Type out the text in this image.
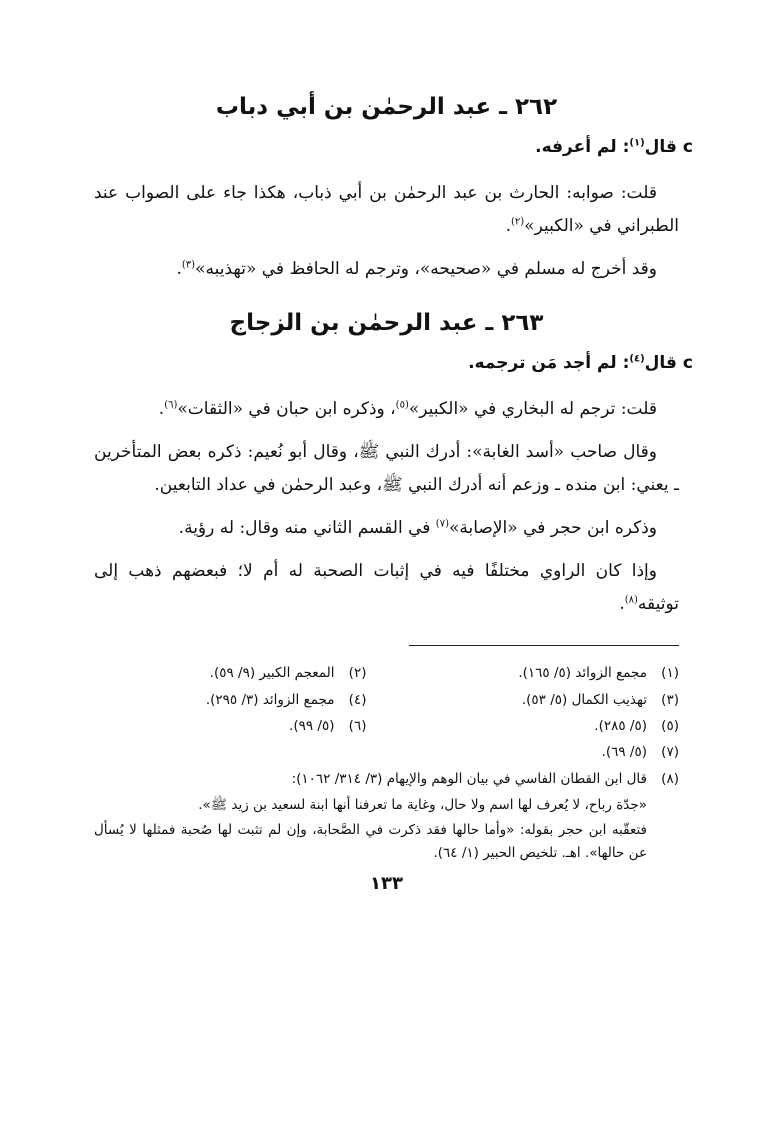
٢٦٢ ـ عبد الرحمٰن بن أبي دباب
cقال$^{(١)}$: لم أعرفه.

قلت: صوابه: الحارث بن عبد الرحمٰن بن أبي ذباب، هكذا جاء على الصواب عند الطبراني في «الكبير»$^{(٢)}$.

وقد أخرج له مسلم في «صحيحه»، وترجم له الحافظ في «تهذيبه»$^{(٣)}$.

٢٦٣ ـ عبد الرحمٰن بن الزجاج
cقال$^{(٤)}$: لم أجد مَن ترجمه.

قلت: ترجم له البخاري في «الكبير»$^{(٥)}$، وذكره ابن حبان في «الثقات»$^{(٦)}$.

وقال صاحب «أسد الغابة»: أدرك النبي ﷺ، وقال أبو نُعيم: ذكره بعض المتأخرين ـ يعني: ابن منده ـ وزعم أنه أدرك النبي ﷺ، وعبد الرحمٰن في عداد التابعين.

وذكره ابن حجر في «الإصابة»$^{(٧)}$ في القسم الثاني منه وقال: له رؤية.

وإذا كان الراوي مختلفًا فيه في إثبات الصحبة له أم لا؛ فبعضهم ذهب إلى توثيقه$^{(٨)}$.

(١)
مجمع الزوائد (٥/ ١٦٥).
(٢)
المعجم الكبير (٩/ ٥٩).
(٣)
تهذيب الكمال (٥/ ٥٣).
(٤)
مجمع الزوائد (٣/ ٢٩٥).
(٥)
(٥/ ٢٨٥).
(٦)
(٥/ ٩٩).
(٧)
(٥/ ٦٩).
(٨)
قال ابن القطان الفاسي في بيان الوهم والإيهام (٣/ ٣١٤/ ١٠٦٢):
«جدّة رباح، لا يُعرف لها اسم ولا حال، وغاية ما تعرفنا أنها ابنة لسعيد بن زيد ﷺ».
فتعقّبه ابن حجر بقوله: «وأما حالها فقد ذكرت في الصَّحابة، وإن لم تثبت لها صُحبة فمثلها لا يُسأل عن حالها». اهـ. تلخيص الحبير (١/ ٦٤).
١٣٣
